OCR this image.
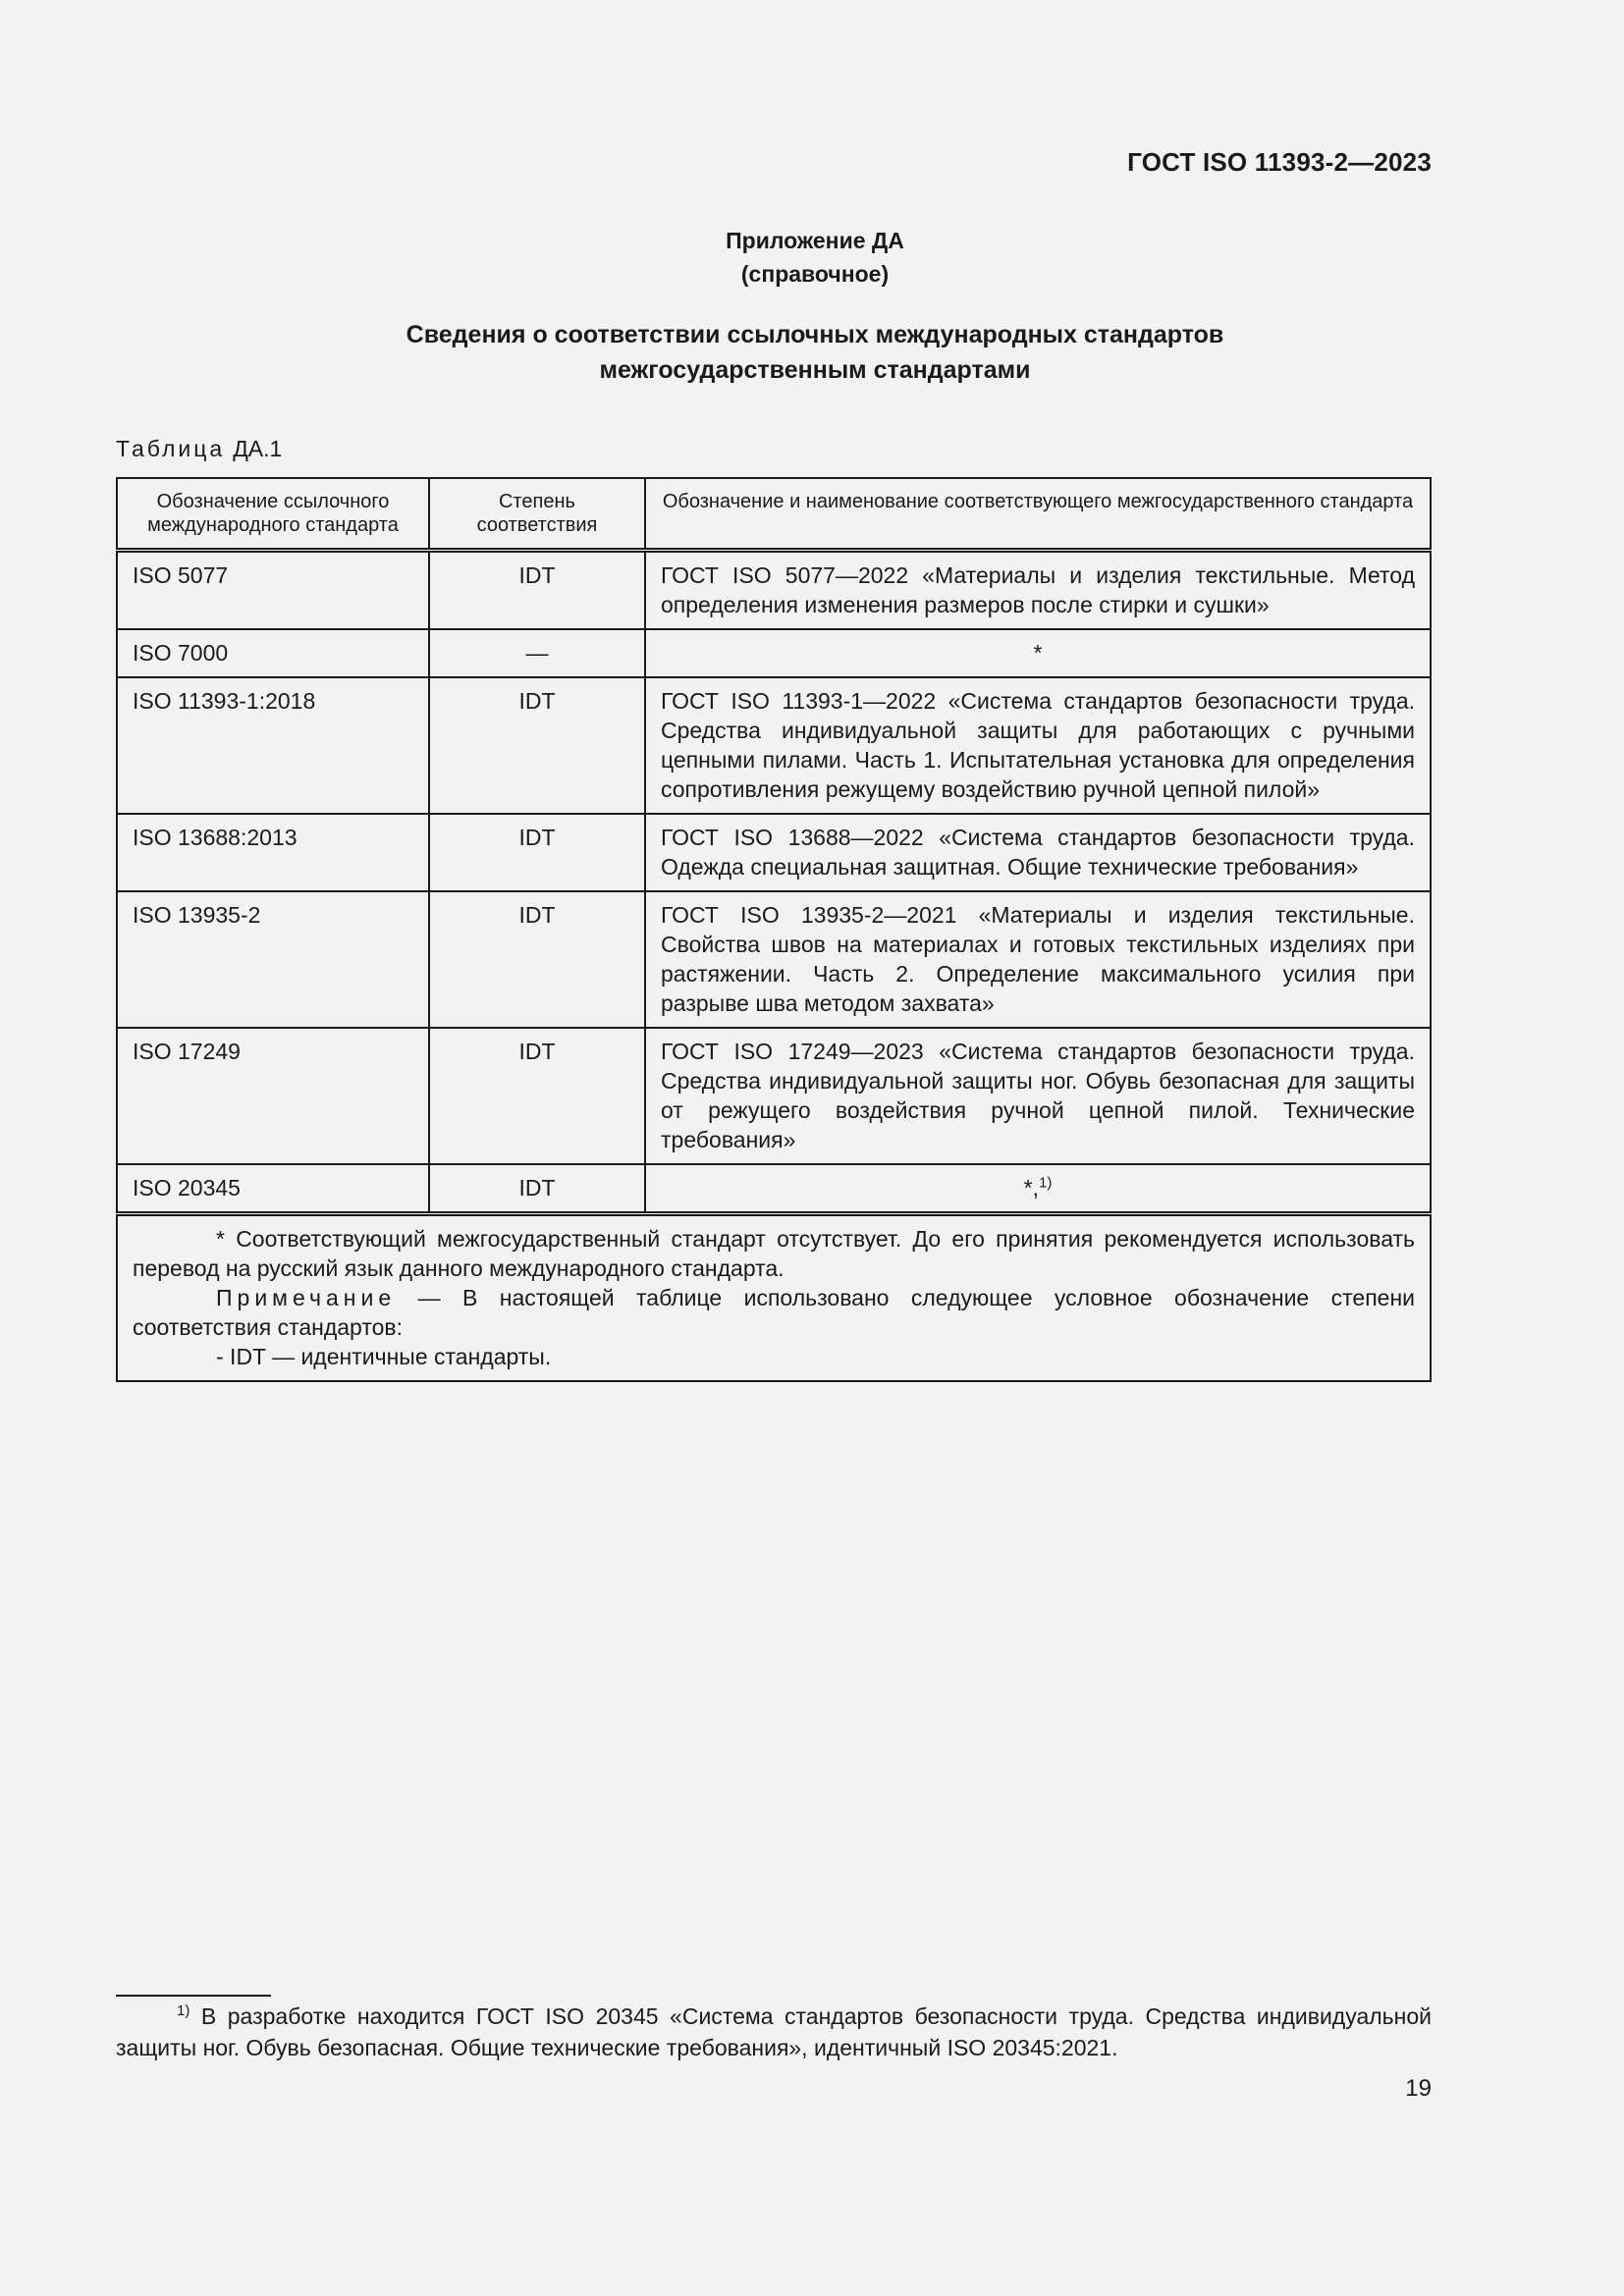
ГОСТ ISO 11393-2—2023
Приложение ДА
(справочное)
Сведения о соответствии ссылочных международных стандартов
межгосударственным стандартами
Таблица ДА.1
Обозначение ссылочного международного стандарта	Степень соответствия	Обозначение и наименование соответствующего межгосударственного стандарта
ISO 5077	IDT	ГОСТ ISO 5077—2022 «Материалы и изделия текстильные. Метод определения изменения размеров после стирки и сушки»
ISO 7000	—	*
ISO 11393-1:2018	IDT	ГОСТ ISO 11393-1—2022 «Система стандартов безопасности труда. Средства индивидуальной защиты для работающих с ручными цепными пилами. Часть 1. Испытательная установка для определения сопротивления режущему воздействию ручной цепной пилой»
ISO 13688:2013	IDT	ГОСТ ISO 13688—2022 «Система стандартов безопасности труда. Одежда специальная защитная. Общие технические требования»
ISO 13935-2	IDT	ГОСТ ISO 13935-2—2021 «Материалы и изделия текстильные. Свойства швов на материалах и готовых текстильных изделиях при растяжении. Часть 2. Определение максимального усилия при разрыве шва методом захвата»
ISO 17249	IDT	ГОСТ ISO 17249—2023 «Система стандартов безопасности труда. Средства индивидуальной защиты ног. Обувь безопасная для защиты от режущего воздействия ручной цепной пилой. Технические требования»
ISO 20345	IDT	*,$^{1)}$

* Соответствующий межгосударственный стандарт отсутствует. До его принятия рекомендуется использовать перевод на русский язык данного международного стандарта.
Примечание — В настоящей таблице использовано следующее условное обозначение степени соответствия стандартов:
- IDT — идентичные стандарты.		
$^{1)}$ В разработке находится ГОСТ ISO 20345 «Система стандартов безопасности труда. Средства индивидуальной защиты ног. Обувь безопасная. Общие технические требования», идентичный ISO 20345:2021.
19
